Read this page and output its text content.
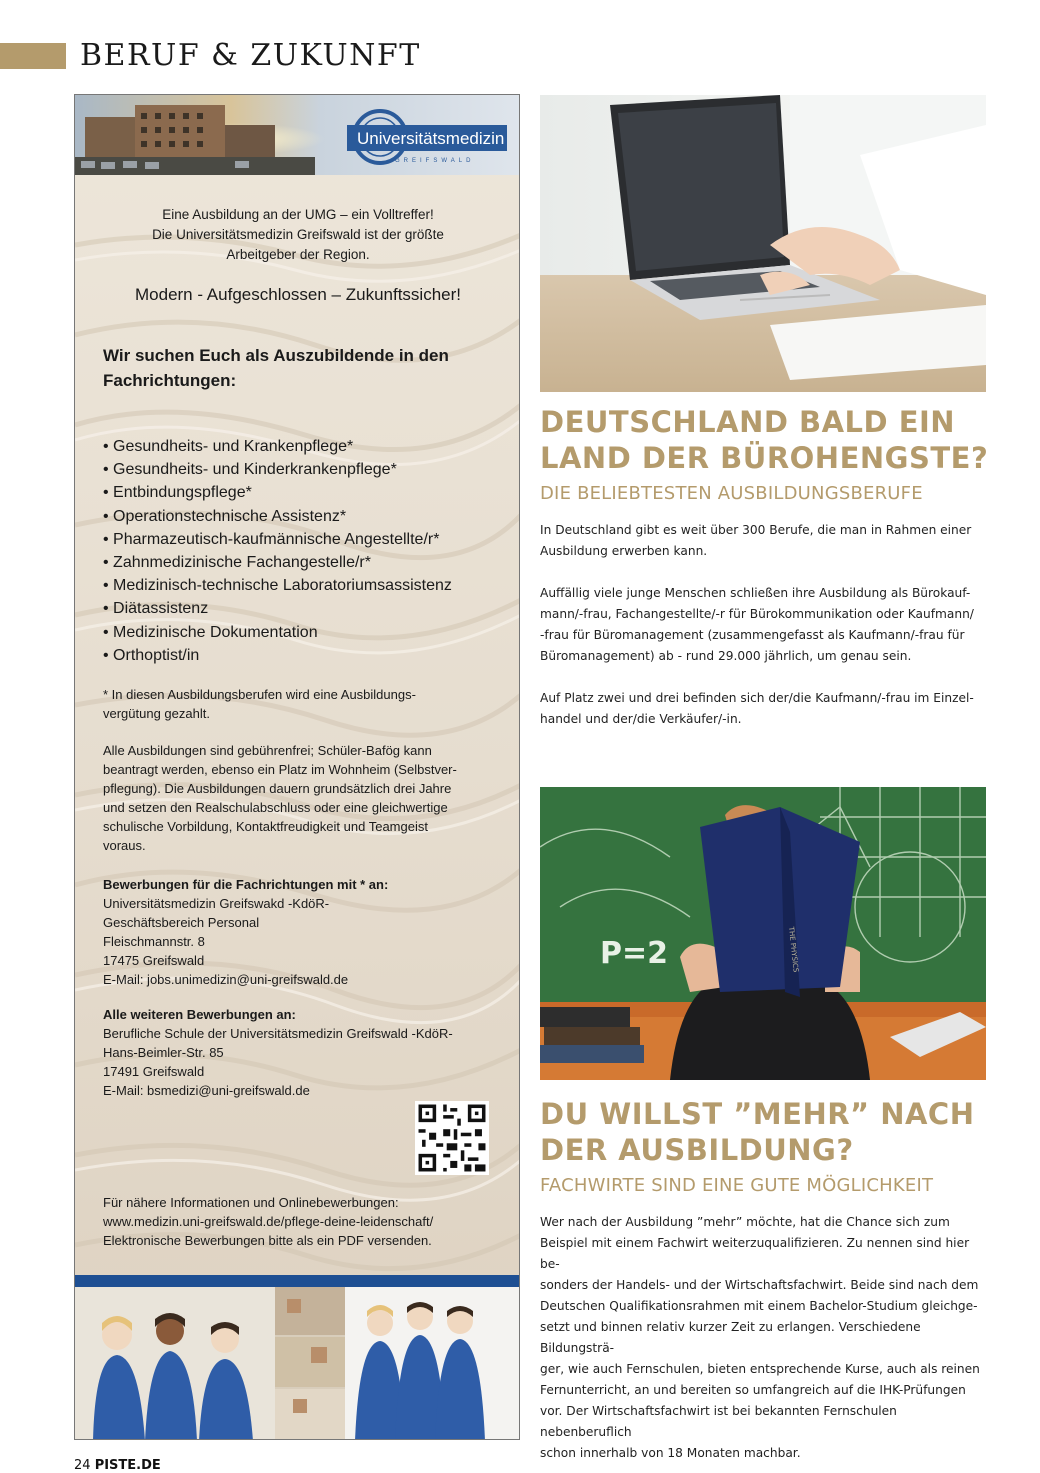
BERUF & ZUKUNFT
Universitätsmedizin
GREIFSWALD
Eine Ausbildung an der UMG – ein Volltreffer!
Die Universitätsmedizin Greifswald ist der größte
Arbeitgeber der Region.
Modern - Aufgeschlossen – Zukunftssicher!
Wir suchen Euch als Auszubildende in den
Fachrichtungen:
• Gesundheits- und Krankenpflege*
• Gesundheits- und Kinderkrankenpflege*
• Entbindungspflege*
• Operationstechnische Assistenz*
• Pharmazeutisch-kaufmännische Angestellte/r*
• Zahnmedizinische Fachangestelle/r*
• Medizinisch-technische Laboratoriumsassistenz
• Diätassistenz
• Medizinische Dokumentation
• Orthoptist/in
* In diesen Ausbildungsberufen wird eine Ausbildungs-
vergütung gezahlt.
Alle Ausbildungen sind gebührenfrei; Schüler-Bafög kann
beantragt werden, ebenso ein Platz im Wohnheim (Selbstver-
pflegung). Die Ausbildungen dauern grundsätzlich drei Jahre
und setzen den Realschulabschluss oder eine gleichwertige
schulische Vorbildung, Kontaktfreudigkeit und Teamgeist
voraus.
Bewerbungen für die Fachrichtungen mit * an:
Universitätsmedizin Greifswakd -KdöR-
Geschäftsbereich Personal
Fleischmannstr. 8
17475 Greifswald
E-Mail: jobs.unimedizin@uni-greifswald.de
Alle weiteren Bewerbungen an:
Berufliche Schule der Universitätsmedizin Greifswald -KdöR-
Hans-Beimler-Str. 85
17491 Greifswald
E-Mail: bsmedizi@uni-greifswald.de
Für nähere Informationen und Onlinebewerbungen:
www.medizin.uni-greifswald.de/pflege-deine-leidenschaft/
Elektronische Bewerbungen bitte als ein PDF versenden.
DEUTSCHLAND BALD EIN
LAND DER BÜROHENGSTE?
DIE BELIEBTESTEN AUSBILDUNGSBERUFE

In Deutschland gibt es weit über 300 Berufe, die man in Rahmen einer
Ausbildung erwerben kann.

Auffällig viele junge Menschen schließen ihre Ausbildung als Bürokauf-
mann/-frau, Fachangestellte/-r für Bürokommunikation oder Kaufmann/
-frau für Büromanagement (zusammengefasst als Kaufmann/-frau für
Büromanagement) ab - rund 29.000 jährlich, um genau sein.

Auf Platz zwei und drei befinden sich der/die Kaufmann/-frau im Einzel-
handel und der/die Verkäufer/-in.

P=2	THE PHYSICS
DU WILLST ”MEHR” NACH
DER AUSBILDUNG?
FACHWIRTE SIND EINE GUTE MÖGLICHKEIT
Wer nach der Ausbildung ”mehr” möchte, hat die Chance sich zum
Beispiel mit einem Fachwirt weiterzuqualifizieren. Zu nennen sind hier be-
sonders der Handels- und der Wirtschaftsfachwirt. Beide sind nach dem
Deutschen Qualifikationsrahmen mit einem Bachelor-Studium gleichge-
setzt und binnen relativ kurzer Zeit zu erlangen. Verschiedene Bildungsträ-
ger, wie auch Fernschulen, bieten entsprechende Kurse, auch als reinen
Fernunterricht, an und bereiten so umfangreich auf die IHK-Prüfungen
vor. Der Wirtschaftsfachwirt ist bei bekannten Fernschulen nebenberuflich
schon innerhalb von 18 Monaten machbar.
24 PISTE.DE
